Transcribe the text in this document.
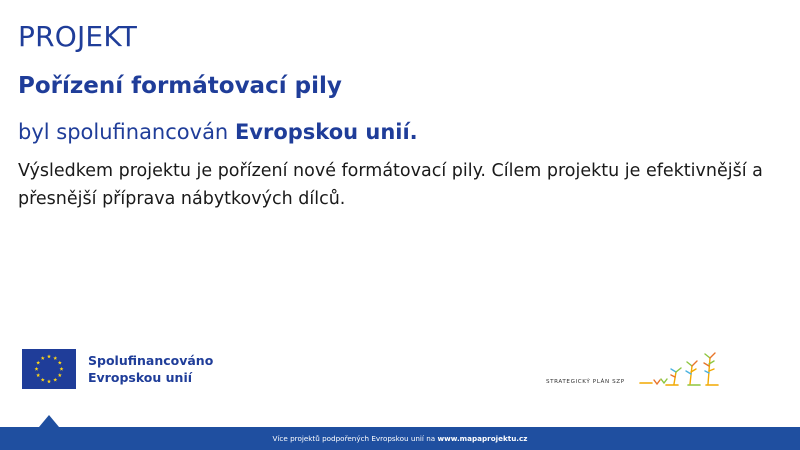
PROJEKT
Pořízení formátovací pily
byl spolufinancován Evropskou unií.
Výsledkem projektu je pořízení nové formátovací pily. Cílem projektu je efektivnější a přesnější příprava nábytkových dílců.
Spolufinancováno
Evropskou unií	STRATEGICKÝ PLÁN SZP
Více projektů podpořených Evropskou unií na www.mapaprojektu.cz
